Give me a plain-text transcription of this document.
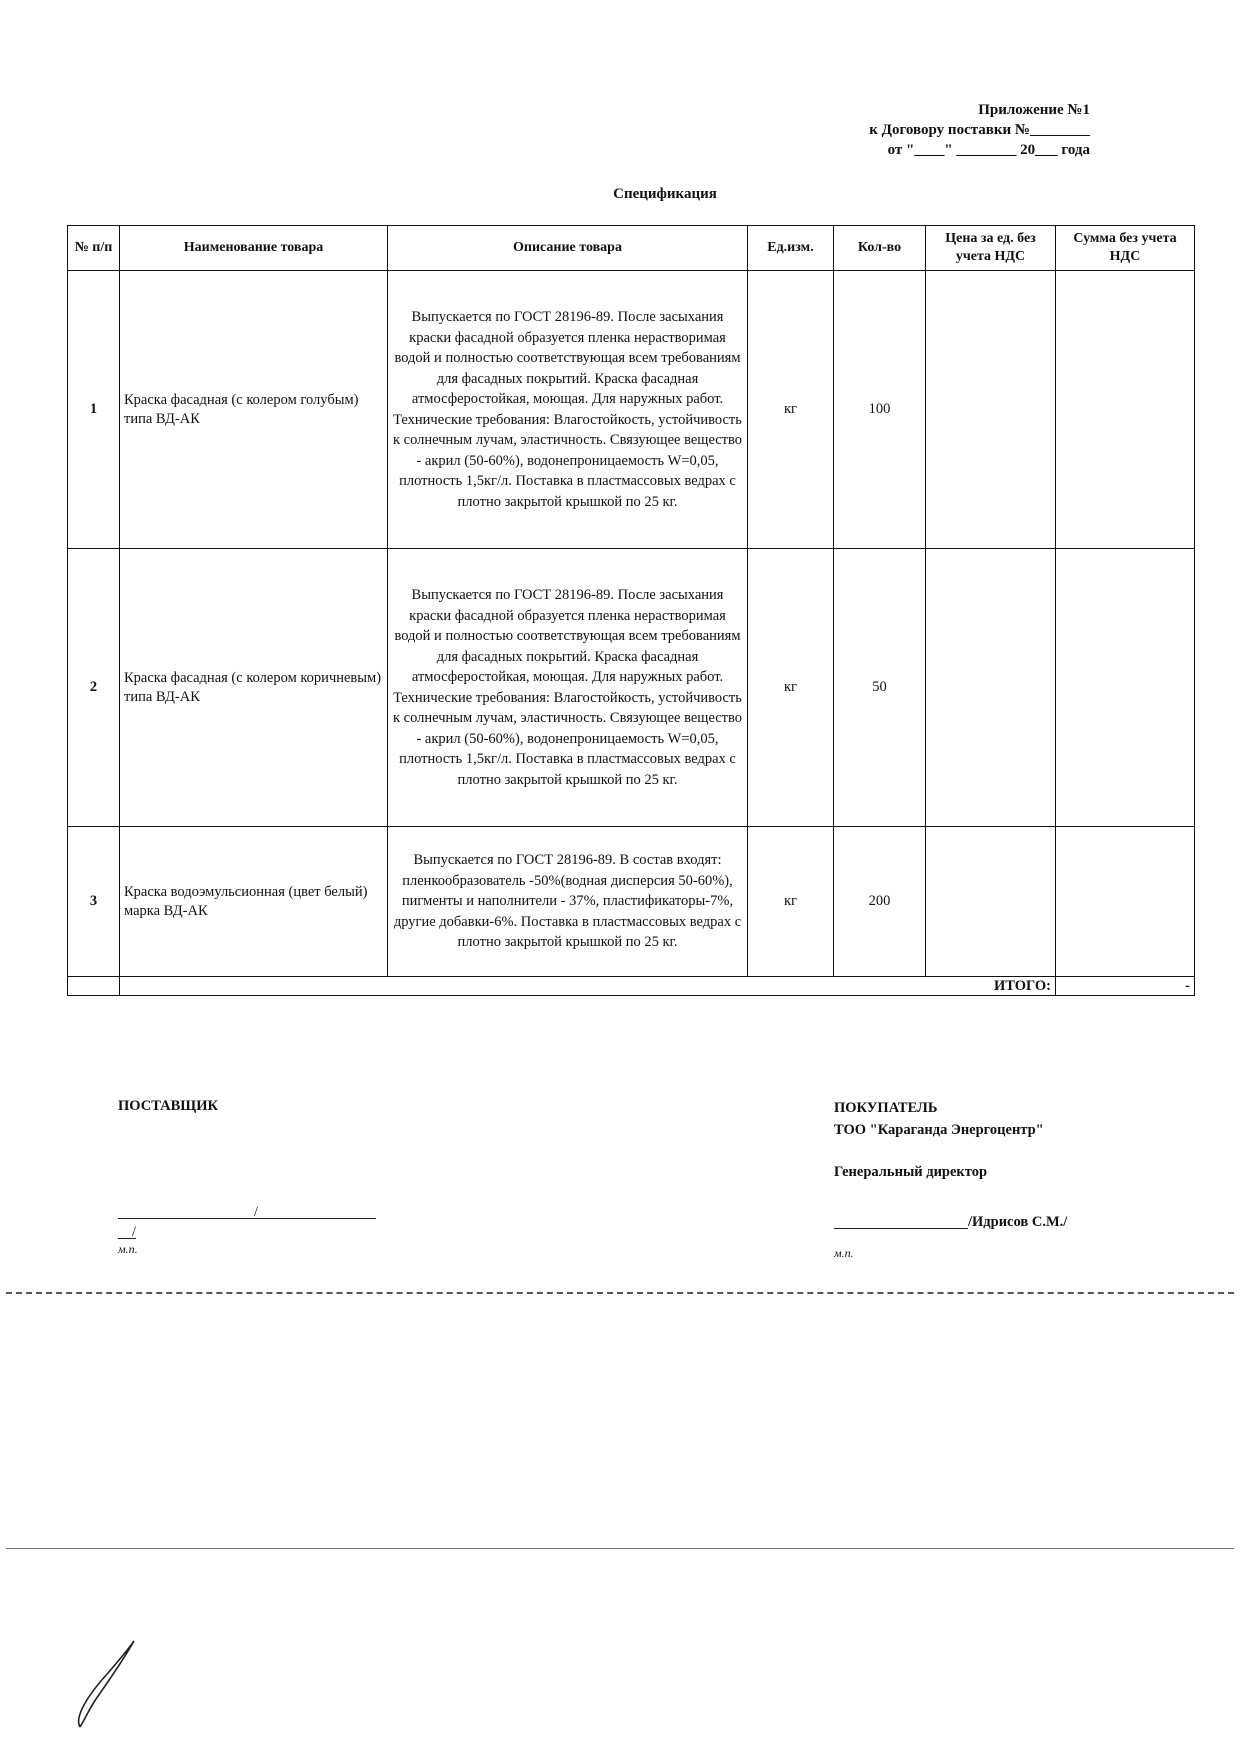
Приложение №1
к Договору поставки №________
от "____" ________ 20___ года
Спецификация
№ п/п	Наименование товара	Описание товара	Ед.изм.	Кол-во	Цена за ед. без учета НДС	Сумма без учета НДС
1	Краска фасадная (с колером голубым) типа ВД-АК	Выпускается по ГОСТ 28196-89. После засыхания краски фасадной образуется пленка нерастворимая водой и полностью соответствующая всем требованиям для фасадных покрытий. Краска фасадная атмосферостойкая, моющая. Для наружных работ. Технические требования: Влагостойкость, устойчивость к солнечным лучам, эластичность. Связующее вещество - акрил (50-60%), водонепроницаемость W=0,05, плотность 1,5кг/л. Поставка в пластмассовых ведрах с плотно закрытой крышкой по 25 кг.	кг	100		
2	Краска фасадная (с колером коричневым) типа ВД-АК	Выпускается по ГОСТ 28196-89. После засыхания краски фасадной образуется пленка нерастворимая водой и полностью соответствующая всем требованиям для фасадных покрытий. Краска фасадная атмосферостойкая, моющая. Для наружных работ. Технические требования: Влагостойкость, устойчивость к солнечным лучам, эластичность. Связующее вещество - акрил (50-60%), водонепроницаемость W=0,05, плотность 1,5кг/л. Поставка в пластмассовых ведрах с плотно закрытой крышкой по 25 кг.	кг	50		
3	Краска водоэмульсионная (цвет белый) марка ВД-АК	Выпускается по ГОСТ 28196-89. В состав входят: пленкообразователь -50%(водная дисперсия 50-60%), пигменты и наполнители - 37%, пластификаторы-7%, другие добавки-6%. Поставка в пластмассовых ведрах с плотно закрытой крышкой по 25 кг.	кг	200		
	ИТОГО:					-
ПОСТАВЩИК
/
/
м.п.
ПОКУПАТЕЛЬ
ТОО "Караганда Энергоцентр"
Генеральный директор
/Идрисов С.М./
м.п.
